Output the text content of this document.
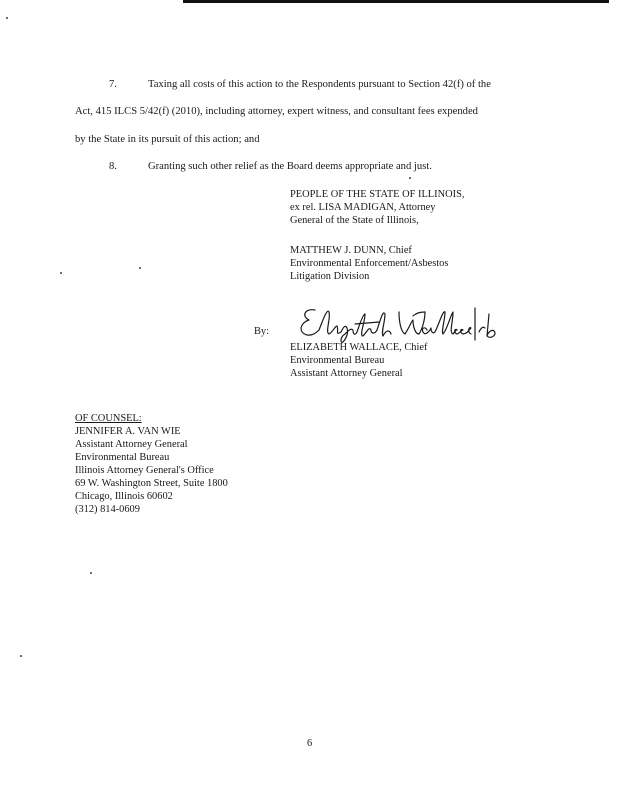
7.	Taxing all costs of this action to the Respondents pursuant to Section 42(f) of the
Act, 415 ILCS 5/42(f) (2010), including attorney, expert witness, and consultant fees expended
by the State in its pursuit of this action; and
8.	Granting such other relief as the Board deems appropriate and just.
PEOPLE OF THE STATE OF ILLINOIS,
ex rel. LISA MADIGAN, Attorney
General of the State of Illinois,
MATTHEW J. DUNN, Chief
Environmental Enforcement/Asbestos
Litigation Division
By:
ELIZABETH WALLACE, Chief
Environmental Bureau
Assistant Attorney General
OF COUNSEL:
JENNIFER A. VAN WIE
Assistant Attorney General
Environmental Bureau
Illinois Attorney General's Office
69 W. Washington Street, Suite 1800
Chicago, Illinois 60602
(312) 814-0609
6
